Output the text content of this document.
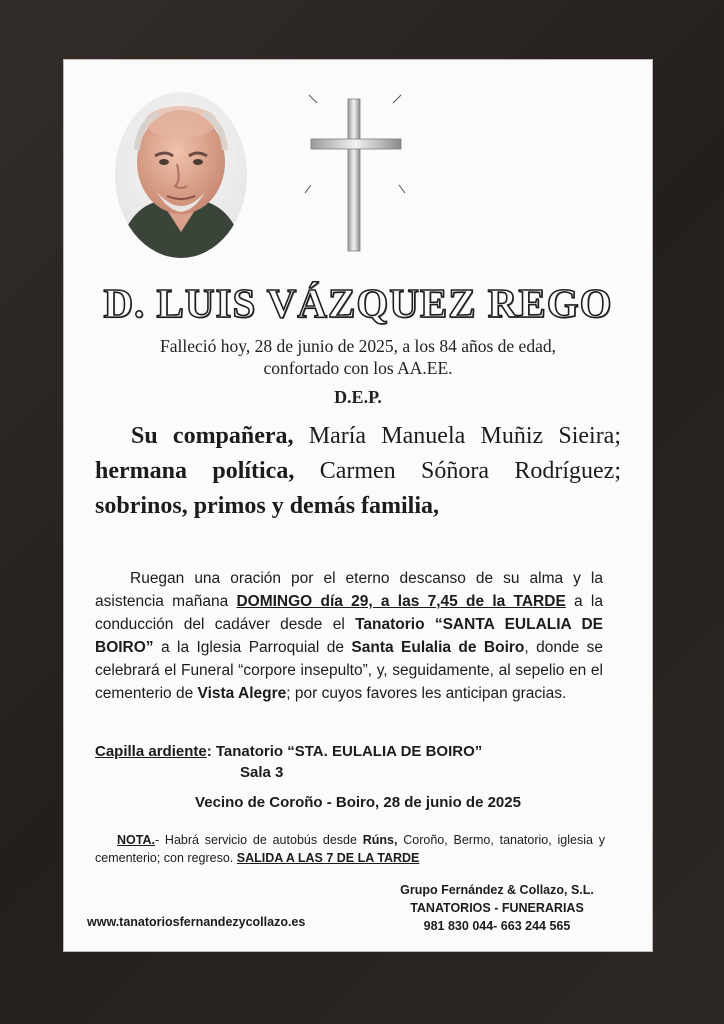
D. LUIS VÁZQUEZ REGO
Falleció hoy, 28 de junio de 2025, a los 84 años de edad,
confortado con los AA.EE.
D.E.P.
Su compañera, María Manuela Muñiz Sieira; hermana política, Carmen Sóñora Rodríguez; sobrinos, primos y demás familia,
Ruegan una oración por el eterno descanso de su alma y la asistencia mañana DOMINGO día 29, a las 7,45 de la TARDE a la conducción del cadáver desde el Tanatorio “SANTA EULALIA DE BOIRO” a la Iglesia Parroquial de Santa Eulalia de Boiro, donde se celebrará el Funeral “corpore insepulto”, y, seguidamente, al sepelio en el cementerio de Vista Alegre; por cuyos favores les anticipan gracias.
Capilla ardiente: Tanatorio “STA. EULALIA DE BOIRO”
Sala 3
Vecino de Coroño - Boiro, 28 de junio de 2025
NOTA.- Habrá servicio de autobús desde Rúns, Coroño, Bermo, tanatorio, iglesia y cementerio; con regreso. SALIDA A LAS 7 DE LA TARDE
www.tanatoriosfernandezycollazo.es
Grupo Fernández & Collazo, S.L.
TANATORIOS - FUNERARIAS
981 830 044- 663 244 565
